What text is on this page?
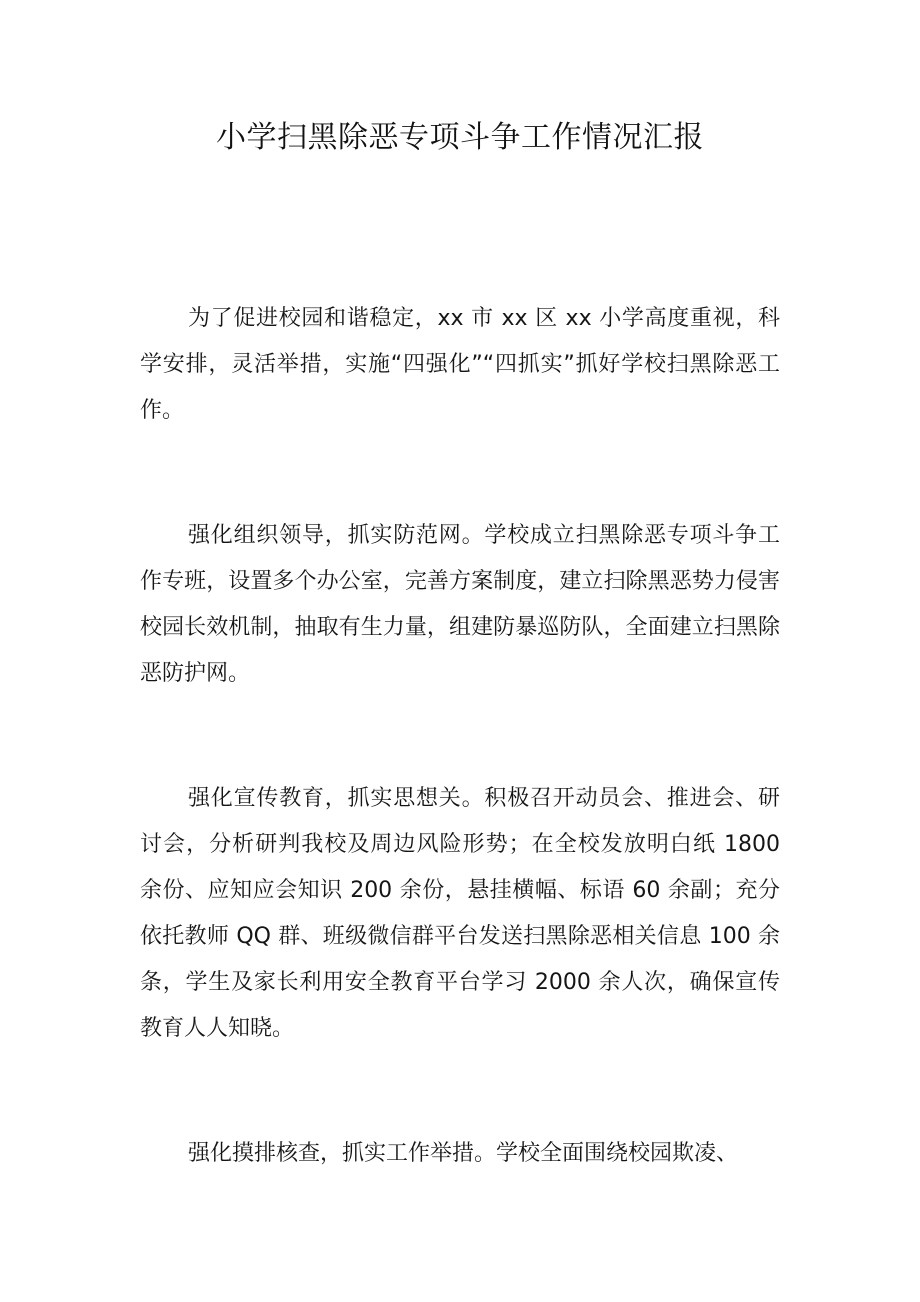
小学扫黑除恶专项斗争工作情况汇报

为了促进校园和谐稳定，xx 市 xx 区 xx 小学高度重视，科学安排，灵活举措，实施“四强化”“四抓实”抓好学校扫黑除恶工作。

强化组织领导，抓实防范网。学校成立扫黑除恶专项斗争工作专班，设置多个办公室，完善方案制度，建立扫除黑恶势力侵害校园长效机制，抽取有生力量，组建防暴巡防队，全面建立扫黑除恶防护网。

强化宣传教育，抓实思想关。积极召开动员会、推进会、研讨会，分析研判我校及周边风险形势；在全校发放明白纸 1800 余份、应知应会知识 200 余份，悬挂横幅、标语 60 余副；充分依托教师 QQ 群、班级微信群平台发送扫黑除恶相关信息 100 余条，学生及家长利用安全教育平台学习 2000 余人次，确保宣传教育人人知晓。

强化摸排核查，抓实工作举措。学校全面围绕校园欺凌、
